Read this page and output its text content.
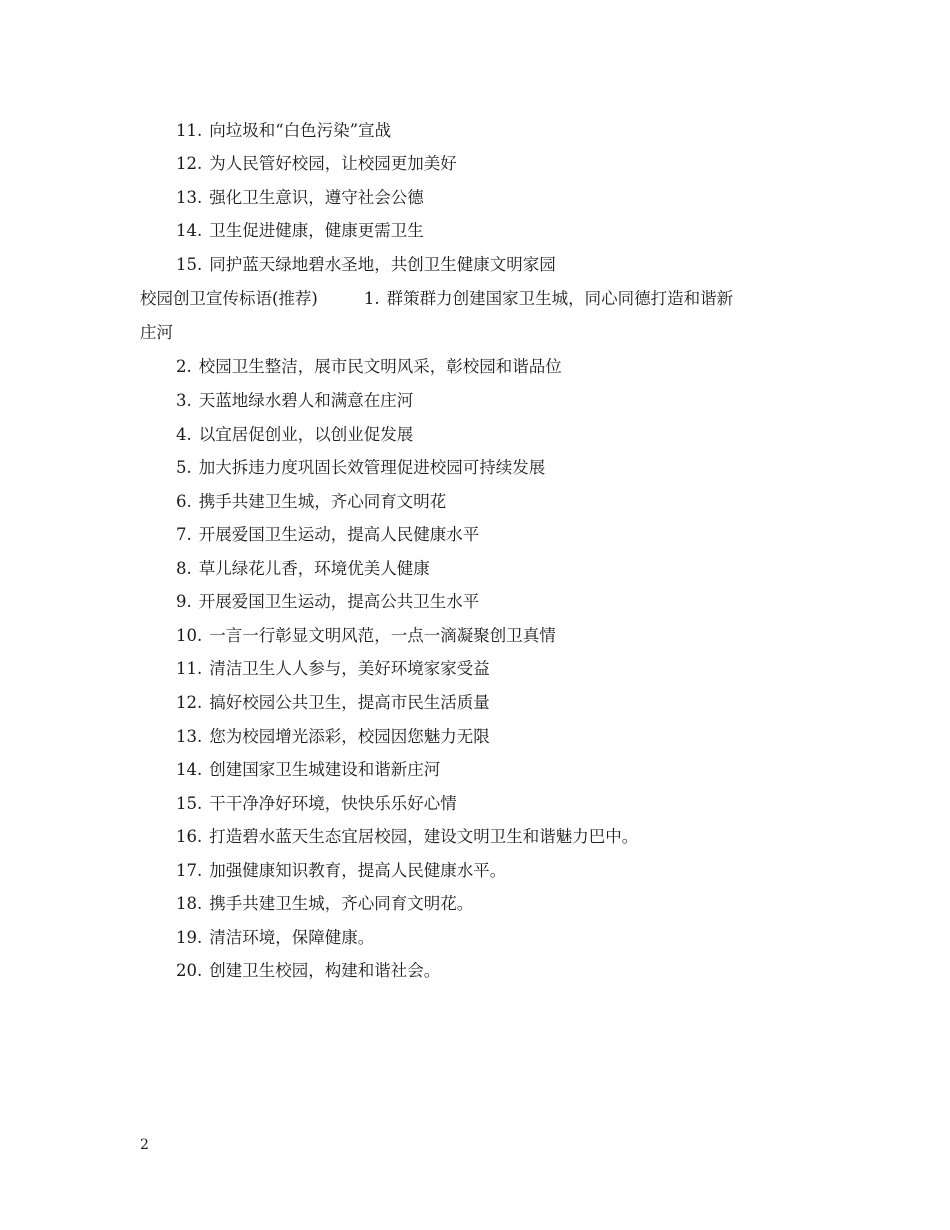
11. 向垃圾和“白色污染”宣战
12. 为人民管好校园，让校园更加美好
13. 强化卫生意识，遵守社会公德
14. 卫生促进健康，健康更需卫生
15. 同护蓝天绿地碧水圣地，共创卫生健康文明家园
校园创卫宣传标语(推荐)	1. 群策群力创建国家卫生城，同心同德打造和谐新
庄河
2. 校园卫生整洁，展市民文明风采，彰校园和谐品位
3. 天蓝地绿水碧人和满意在庄河
4. 以宜居促创业，以创业促发展
5. 加大拆违力度巩固长效管理促进校园可持续发展
6. 携手共建卫生城，齐心同育文明花
7. 开展爱国卫生运动，提高人民健康水平
8. 草儿绿花儿香，环境优美人健康
9. 开展爱国卫生运动，提高公共卫生水平
10. 一言一行彰显文明风范，一点一滴凝聚创卫真情
11. 清洁卫生人人参与，美好环境家家受益
12. 搞好校园公共卫生，提高市民生活质量
13. 您为校园增光添彩，校园因您魅力无限
14. 创建国家卫生城建设和谐新庄河
15. 干干净净好环境，快快乐乐好心情
16. 打造碧水蓝天生态宜居校园，建设文明卫生和谐魅力巴中。
17. 加强健康知识教育，提高人民健康水平。
18. 携手共建卫生城，齐心同育文明花。
19. 清洁环境，保障健康。
20. 创建卫生校园，构建和谐社会。
2
